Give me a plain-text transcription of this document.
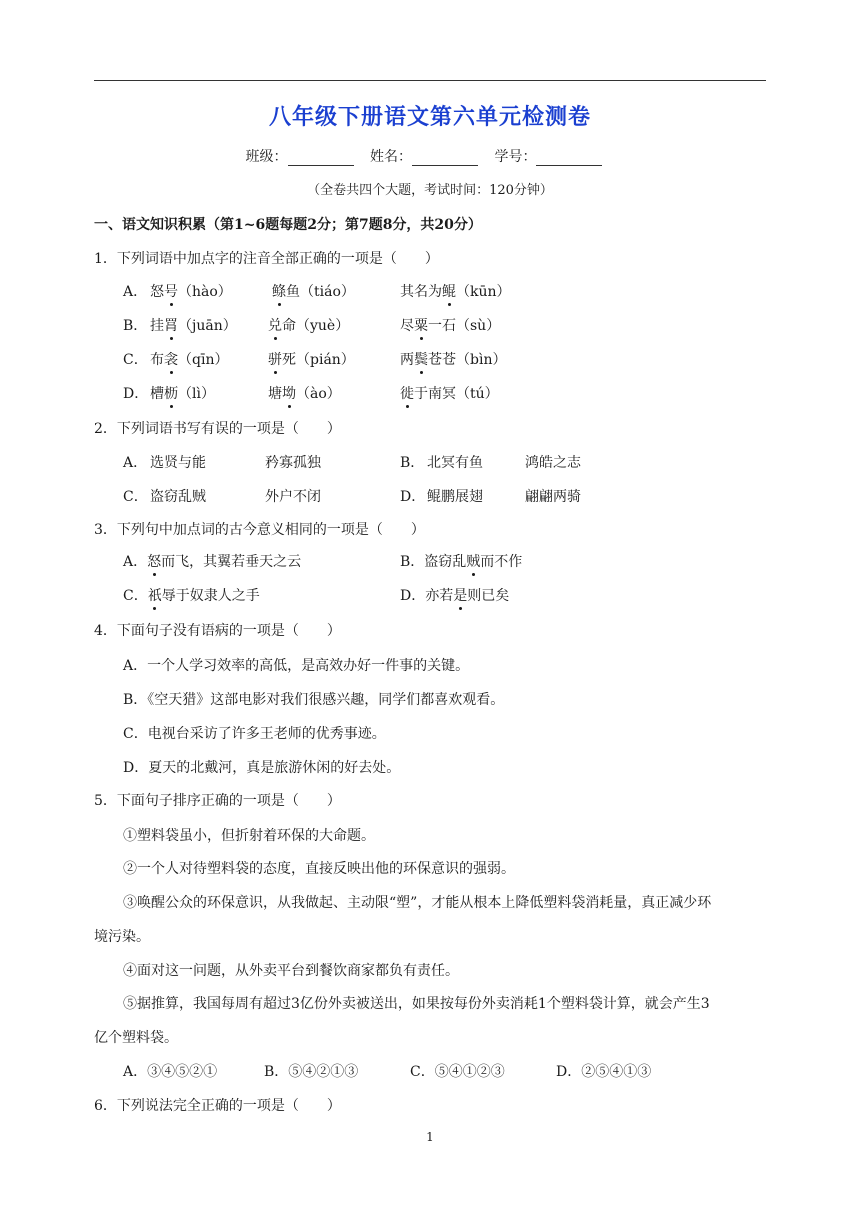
八年级下册语文第六单元检测卷
班级：	姓名：	学号：
（全卷共四个大题，考试时间：120分钟）
一、语文知识积累（第1~6题每题2分；第7题8分，共20分）
1．下列词语中加点字的注音全部正确的一项是（　　）
A． 怒号（hào）	鲦鱼（tiáo）	其名为鲲（kūn）
B． 挂罥（juān） 兑命（yuè）	尽粟一石（sù）
C． 布衾（qīn）	骈死（pián）	两鬓苍苍（bìn）
D． 槽枥（lì）	塘坳（ào）	徙于南冥（tú）
2．下列词语书写有误的一项是（　　）
A． 选贤与能	矜寡孤独	B． 北冥有鱼	鸿皓之志
C． 盗窃乱贼	外户不闭	D． 鲲鹏展翅	翩翩两骑
3．下列句中加点词的古今意义相同的一项是（　　）
A．怒而飞，其翼若垂天之云	B．盗窃乱贼而不作
C．祇辱于奴隶人之手	D．亦若是则已矣
4．下面句子没有语病的一项是（　　）
A．一个人学习效率的高低，是高效办好一件事的关键。
B．《空天猎》这部电影对我们很感兴趣，同学们都喜欢观看。
C．电视台采访了许多王老师的优秀事迹。
D．夏天的北戴河，真是旅游休闲的好去处。
5．下面句子排序正确的一项是（　　）
①塑料袋虽小，但折射着环保的大命题。
②一个人对待塑料袋的态度，直接反映出他的环保意识的强弱。
③唤醒公众的环保意识，从我做起、主动限“塑”，才能从根本上降低塑料袋消耗量，真正减少环
境污染。
④面对这一问题，从外卖平台到餐饮商家都负有责任。
⑤据推算，我国每周有超过3亿份外卖被送出，如果按每份外卖消耗1个塑料袋计算，就会产生3
亿个塑料袋。
A．③④⑤②①	B．⑤④②①③	C．⑤④①②③	D．②⑤④①③
6．下列说法完全正确的一项是（　　）
1
